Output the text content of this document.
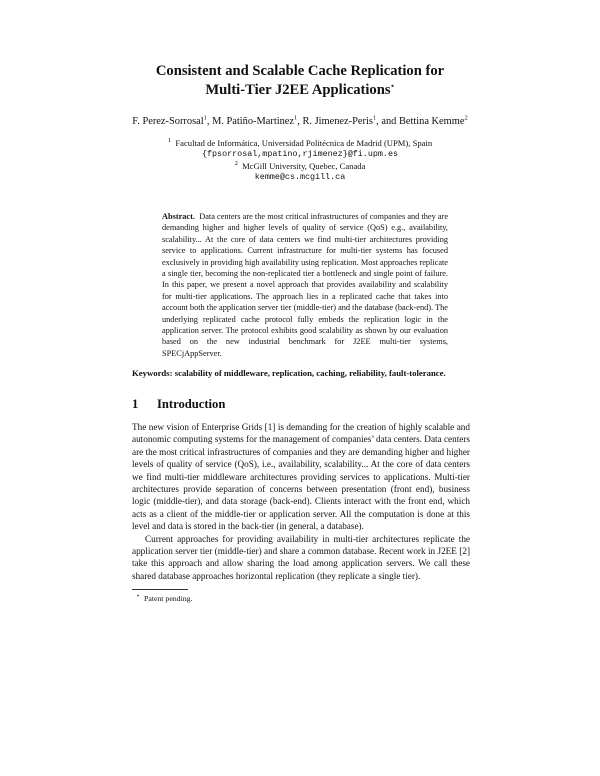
Consistent and Scalable Cache Replication for
Multi-Tier J2EE Applications⋆
F. Perez-Sorrosal$^1$, M. Patiño-Martinez$^1$, R. Jimenez-Peris$^1$, and Bettina Kemme$^2$
$^1$ Facultad de Informática, Universidad Politécnica de Madrid (UPM), Spain
{fpsorrosal,mpatino,rjimenez}@fi.upm.es
$^2$ McGill University, Quebec, Canada
kemme@cs.mcgill.ca
Abstract. Data centers are the most critical infrastructures of companies and they are demanding higher and higher levels of quality of service (QoS) e.g., availability, scalability... At the core of data centers we find multi-tier architectures providing service to applications. Current infrastructure for multi-tier systems has focused exclusively in providing high availability using replication. Most approaches replicate a single tier, becoming the non-replicated tier a bottleneck and single point of failure. In this paper, we present a novel approach that provides availability and scalability for multi-tier applications. The approach lies in a replicated cache that takes into account both the application server tier (middle-tier) and the database (back-end). The underlying replicated cache protocol fully embeds the replication logic in the application server. The protocol exhibits good scalability as shown by our evaluation based on the new industrial benchmark for J2EE multi-tier systems, SPECjAppServer.
Keywords: scalability of middleware, replication, caching, reliability, fault-tolerance.
1 Introduction

The new vision of Enterprise Grids [1] is demanding for the creation of highly scalable and autonomic computing systems for the management of companies’ data centers. Data centers are the most critical infrastructures of companies and they are demanding higher and higher levels of quality of service (QoS), i.e., availability, scalability... At the core of data centers we find multi-tier middleware architectures providing services to applications. Multi-tier architectures provide separation of concerns between presentation (front end), business logic (middle-tier), and data storage (back-end). Clients interact with the front end, which acts as a client of the middle-tier or application server. All the computation is done at this level and data is stored in the back-tier (in general, a database).

Current approaches for providing availability in multi-tier architectures replicate the application server tier (middle-tier) and share a common database. Recent work in J2EE [2] take this approach and allow sharing the load among application servers. We call these shared database approaches horizontal replication (they replicate a single tier).

⋆ Patent pending.
